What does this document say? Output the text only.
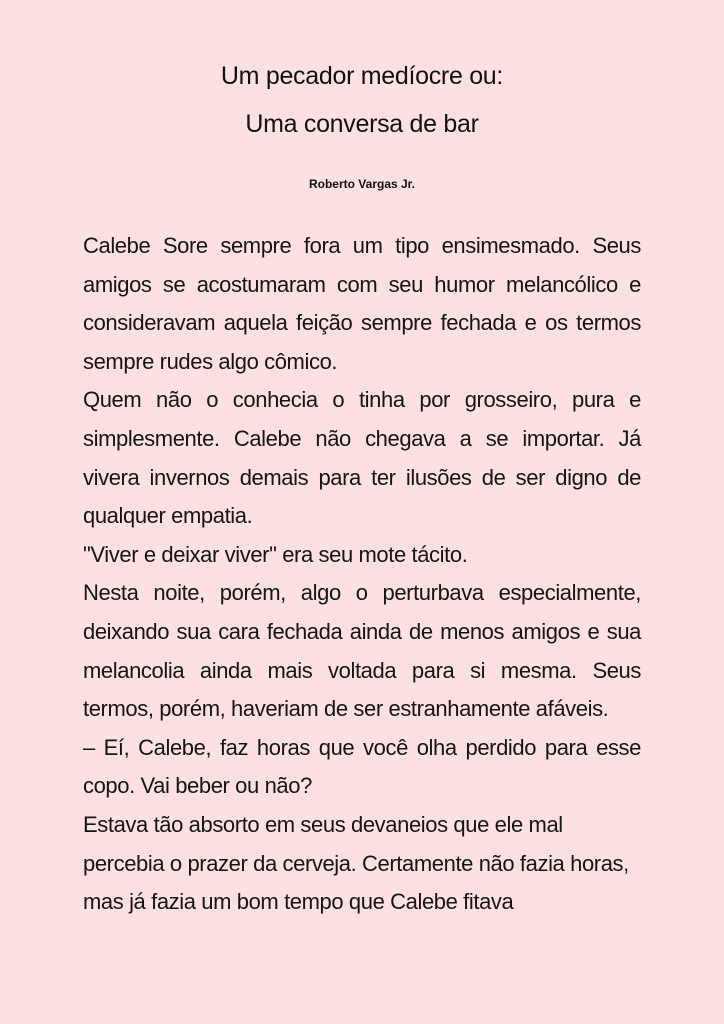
Um pecador medíocre ou:
Uma conversa de bar
Roberto Vargas Jr.

Calebe Sore sempre fora um tipo ensimesmado. Seus amigos se acostumaram com seu humor melancólico e consideravam aquela feição sempre fechada e os termos sempre rudes algo cômico.

Quem não o conhecia o tinha por grosseiro, pura e simplesmente. Calebe não chegava a se importar. Já vivera invernos demais para ter ilusões de ser digno de qualquer empatia.

"Viver e deixar viver" era seu mote tácito.

Nesta noite, porém, algo o perturbava especialmente, deixando sua cara fechada ainda de menos amigos e sua melancolia ainda mais voltada para si mesma. Seus termos, porém, haveriam de ser estranhamente afáveis.

– Eí, Calebe, faz horas que você olha perdido para esse copo. Vai beber ou não?

Estava tão absorto em seus devaneios que ele mal percebia o prazer da cerveja. Certamente não fazia horas, mas já fazia um bom tempo que Calebe fitava
